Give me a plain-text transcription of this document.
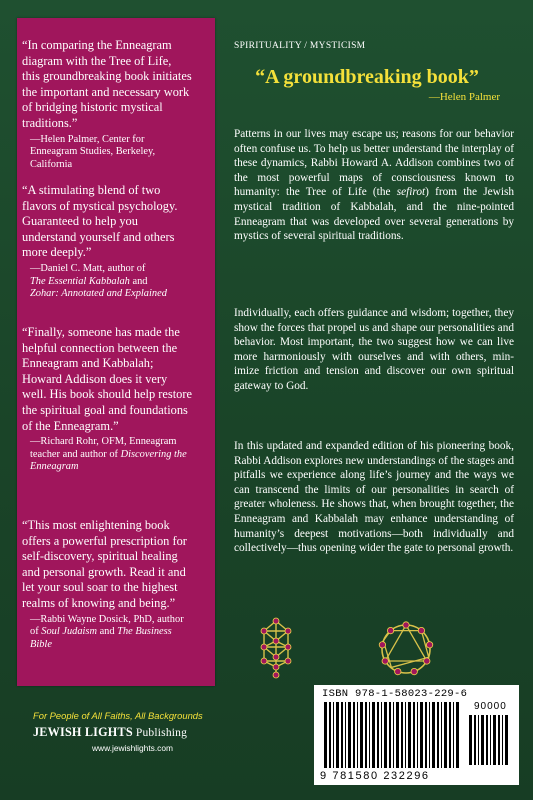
“In comparing the Enneagram diagram with the Tree of Life, this groundbreaking book initiates the important and necessary work of bridging historic mystical traditions.”

—Helen Palmer, Center for Enneagram Studies, Berkeley, California

“A stimulating blend of two flavors of mystical psychology. Guaranteed to help you understand yourself and others more deeply.”

—Daniel C. Matt, author of
The Essential Kabbalah and
Zohar: Annotated and Explained

“Finally, someone has made the helpful connection between the Enneagram and Kabbalah; Howard Addison does it very well. His book should help restore the spiritual goal and foundations of the Enneagram.”

—Richard Rohr, OFM, Enneagram teacher and author of Discovering the Enneagram

“This most enlightening book offers a powerful prescription for self-discovery, spiritual healing and personal growth. Read it and let your soul soar to the highest realms of knowing and being.”

—Rabbi Wayne Dosick, PhD, author of Soul Judaism and The Business Bible

SPIRITUALITY / MYSTICISM
“A groundbreaking book”
—Helen Palmer

Patterns in our lives may escape us; reasons for our behavior often confuse us. To help us better understand the interplay of these dynamics, Rabbi Howard A. Addison combines two of the most powerful maps of consciousness known to humanity: the Tree of Life (the sefirot) from the Jewish mystical tradition of Kabbalah, and the nine-pointed Enneagram that was developed over several generations by mystics of several spiritual traditions.

Individually, each offers guidance and wisdom; together, they show the forces that propel us and shape our personalities and behavior. Most important, the two suggest how we can live more harmoniously with ourselves and with others, min-imize friction and tension and discover our own spiritual gateway to God.

In this updated and expanded edition of his pioneering book, Rabbi Addison explores new understandings of the stages and pitfalls we experience along life’s journey and the ways we can transcend the limits of our personalities in search of greater wholeness. He shows that, when brought together, the Enneagram and Kabbalah may enhance understanding of humanity’s deepest motivations—both individually and collectively—thus opening wider the gate to personal growth.

For People of All Faiths, All Backgrounds
JEWISH LIGHTS Publishing
www.jewishlights.com
ISBN 978-1-58023-229-6
9 781580 232296
90000
